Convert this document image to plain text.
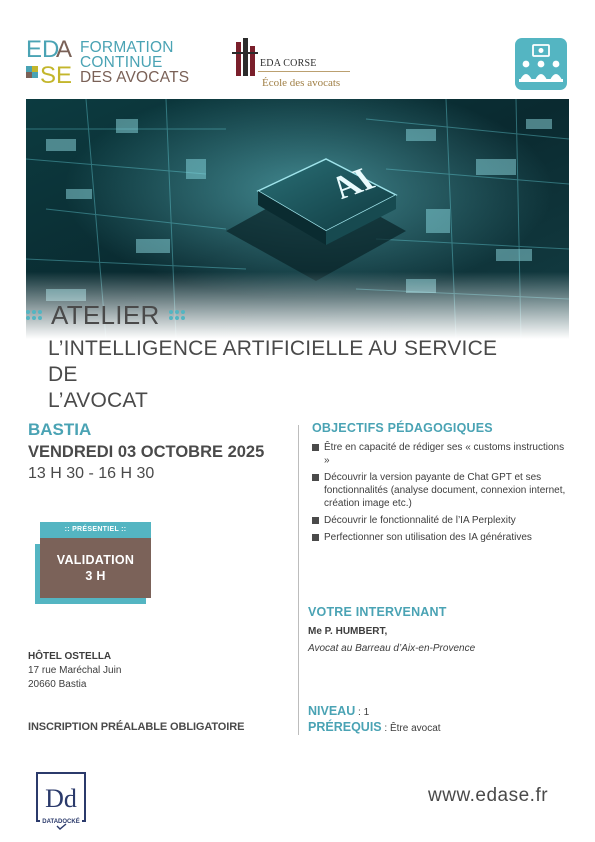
E D
A
S E
FORMATION
CONTINUE
DES AVOCATS
EDA CORSE
École des avocats
ATELIER
L’INTELLIGENCE ARTIFICIELLE AU SERVICE DE
L’AVOCAT
BASTIA
VENDREDI 03 OCTOBRE 2025
13 H 30 - 16 H 30
:: PRÉSENTIEL ::
VALIDATION
3 H
HÔTEL OSTELLA
17 rue Maréchal Juin
20660 Bastia
INSCRIPTION PRÉALABLE OBLIGATOIRE
Dd
DATADOCKÉ
OBJECTIFS PÉDAGOGIQUES
Être en capacité de rédiger ses « customs instructions »
Découvrir la version payante de Chat GPT et ses fonctionnalités (analyse document, connexion internet, création image etc.)
Découvrir le fonctionnalité de l’IA Perplexity
Perfectionner son utilisation des IA génératives
VOTRE INTERVENANT
Me P. HUMBERT,
Avocat au Barreau d’Aix-en-Provence
NIVEAU : 1
PRÉREQUIS : Être avocat
www.edase.fr
